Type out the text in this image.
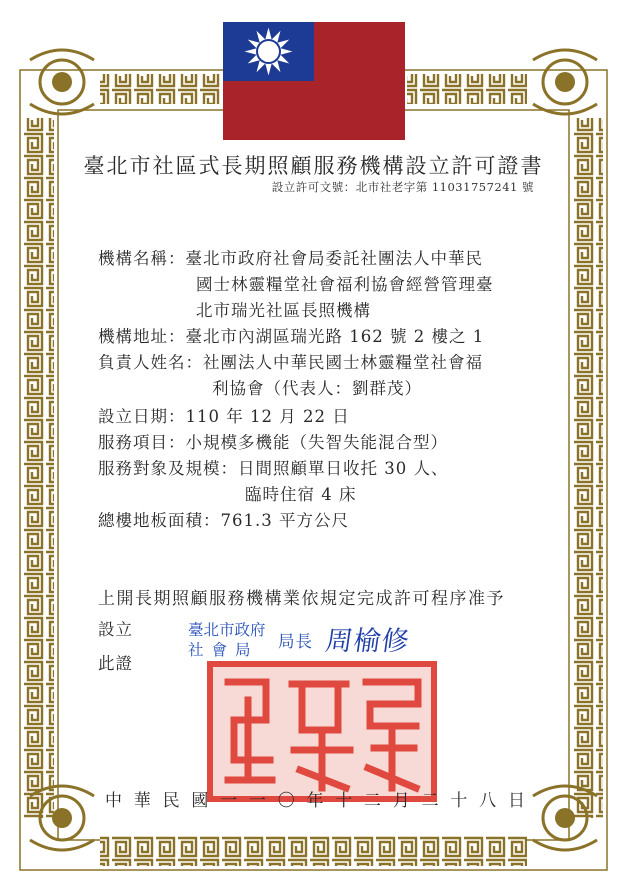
臺北市社區式長期照顧服務機構設立許可證書
設立許可文號：北市社老字第 11031757241 號
機構名稱：臺北市政府社會局委託社團法人中華民
國士林靈糧堂社會福利協會經營管理臺
北市瑞光社區長照機構
機構地址：臺北市內湖區瑞光路 162 號 2 樓之 1
負責人姓名：社團法人中華民國士林靈糧堂社會福
利協會（代表人：劉群茂）
設立日期：110 年 12 月 22 日
服務項目：小規模多機能（失智失能混合型）
服務對象及規模：日間照顧單日收托 30 人、
臨時住宿 4 床
總樓地板面積：761.3 平方公尺
上開長期照顧服務機構業依規定完成許可程序准予
設立
此證
臺北市政府

社會局	局長 周榆修
中 華 民 國 一 一 〇 年 十 二 月 二 十 八 日
